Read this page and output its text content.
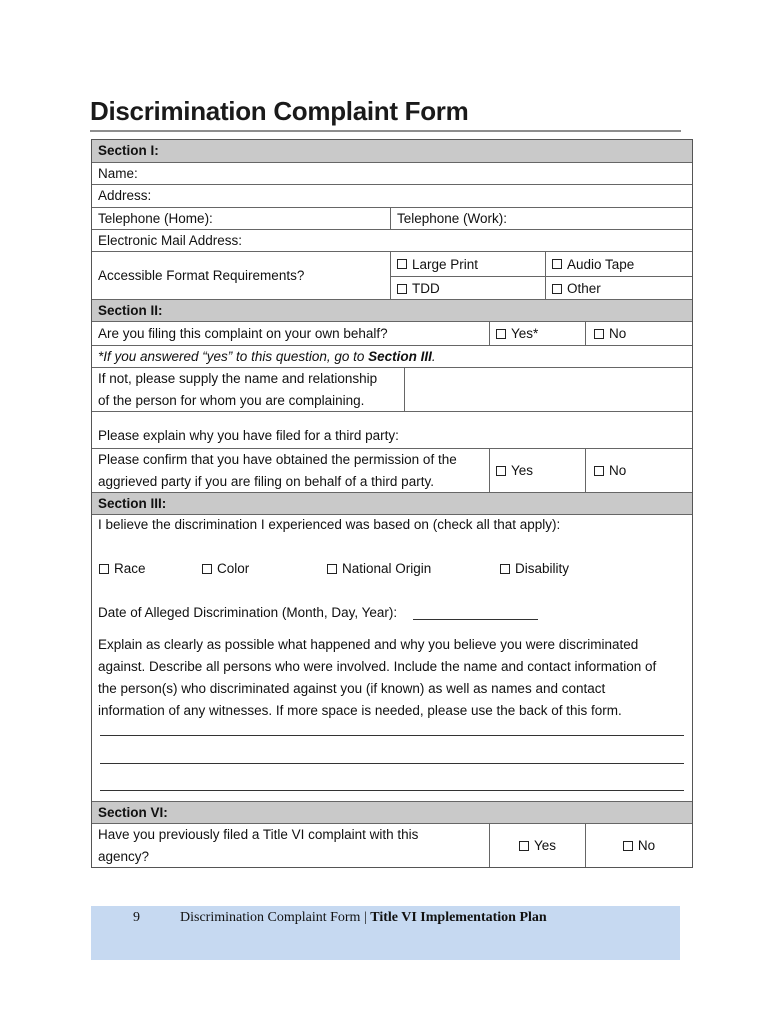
Discrimination Complaint Form
Section I:
Name:
Address:
Telephone (Home):	Telephone (Work):
Electronic Mail Address:
Accessible Format Requirements?
Large Print	Audio Tape
TDD	Other
Section II:
Are you filing this complaint on your own behalf?	Yes*	No
*If you answered “yes” to this question, go to Section III.
If not, please supply the name and relationship
of the person for whom you are complaining.
Please explain why you have filed for a third party:
Please confirm that you have obtained the permission of the
aggrieved party if you are filing on behalf of a third party.
Yes	No
Section III:
I believe the discrimination I experienced was based on (check all that apply):
Race	Color	National Origin	Disability
Date of Alleged Discrimination (Month, Day, Year):
Explain as clearly as possible what happened and why you believe you were discriminated
against. Describe all persons who were involved. Include the name and contact information of
the person(s) who discriminated against you (if known) as well as names and contact
information of any witnesses. If more space is needed, please use the back of this form.
Section VI:
Have you previously filed a Title VI complaint with this
agency?
Yes	No
9	Discrimination Complaint Form | Title VI Implementation Plan
